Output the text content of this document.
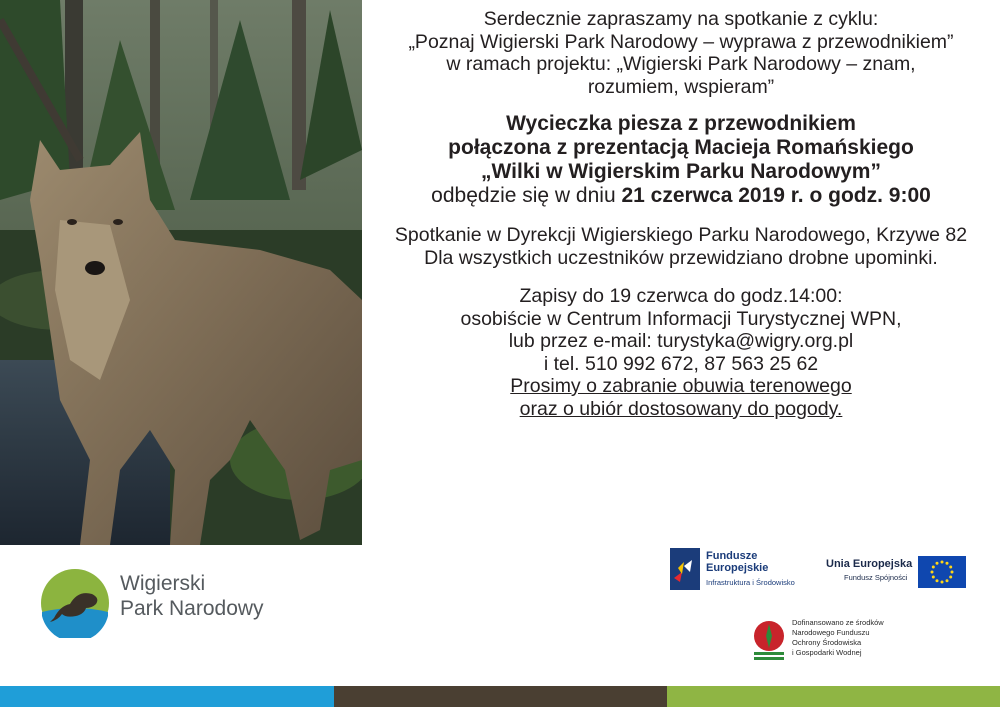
Serdecznie zapraszamy na spotkanie z cyklu:

„Poznaj Wigierski Park Narodowy – wyprawa z przewodnikiem”

w ramach projektu: „Wigierski Park Narodowy – znam,

rozumiem, wspieram”

Wycieczka piesza z przewodnikiem

połączona z prezentacją Macieja Romańskiego

„Wilki w Wigierskim Parku Narodowym”

odbędzie się w dniu 21 czerwca 2019 r. o godz. 9:00

Spotkanie w Dyrekcji Wigierskiego Parku Narodowego, Krzywe 82

Dla wszystkich uczestników przewidziano drobne upominki.

Zapisy do 19 czerwca do godz.14:00:

osobiście w Centrum Informacji Turystycznej WPN,

lub przez e-mail: turystyka@wigry.org.pl

i tel. 510 992 672, 87 563 25 62

Prosimy o zabranie obuwia terenowego

oraz o ubiór dostosowany do pogody.

Wigierski
Park Narodowy
Fundusze
Europejskie
Infrastruktura i Środowisko
Unia Europejska
Fundusz Spójności
Dofinansowano ze środków
Narodowego Funduszu
Ochrony Środowiska
i Gospodarki Wodnej
